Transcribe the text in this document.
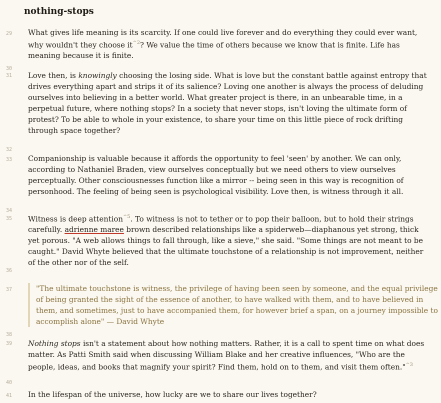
nothing-stops
29	What gives life meaning is its scarcity. If one could live forever and do everything they could ever want, why wouldn't they choose it$^{\^{}2}$? We value the time of others because we know that is finite. Life has meaning because it is finite.
30
31	Love then, is knowingly choosing the losing side. What is love but the constant battle against entropy that drives everything apart and strips it of its salience? Loving one another is always the process of deluding ourselves into believing in a better world. What greater project is there, in an unbearable time, in a perpetual future, where nothing stops? In a society that never stops, isn't loving the ultimate form of protest? To be able to whole in your existence, to share your time on this little piece of rock drifting through space together?
32
33	Companionship is valuable because it affords the opportunity to feel 'seen' by another. We can only, according to Nathaniel Braden, view ourselves conceptually but we need others to view ourselves perceptually. Other consciousnesses function like a mirror -- being seen in this way is recognition of personhood. The feeling of being seen is psychological visibility. Love then, is witness through it all.
34
35	Witness is deep attention$^{\^{}5}$. To witness is not to tether or to pop their balloon, but to hold their strings carefully. adrienne maree brown described relationships like a spiderweb—diaphanous yet strong, thick yet porous. "A web allows things to fall through, like a sieve," she said. "Some things are not meant to be caught." David Whyte believed that the ultimate touchstone of a relationship is not improvement, neither of the other nor of the self.
36
37	"The ultimate touchstone is witness, the privilege of having been seen by someone, and the equal privilege of being granted the sight of the essence of another, to have walked with them, and to have believed in them, and sometimes, just to have accompanied them, for however brief a span, on a journey impossible to accomplish alone" — David Whyte
38
39	Nothing stops isn't a statement about how nothing matters. Rather, it is a call to spent time on what does matter. As Patti Smith said when discussing William Blake and her creative influences, "Who are the people, ideas, and books that magnify your spirit? Find them, hold on to them, and visit them often."$^{\^{}3}$
40
41	In the lifespan of the universe, how lucky are we to share our lives together?
